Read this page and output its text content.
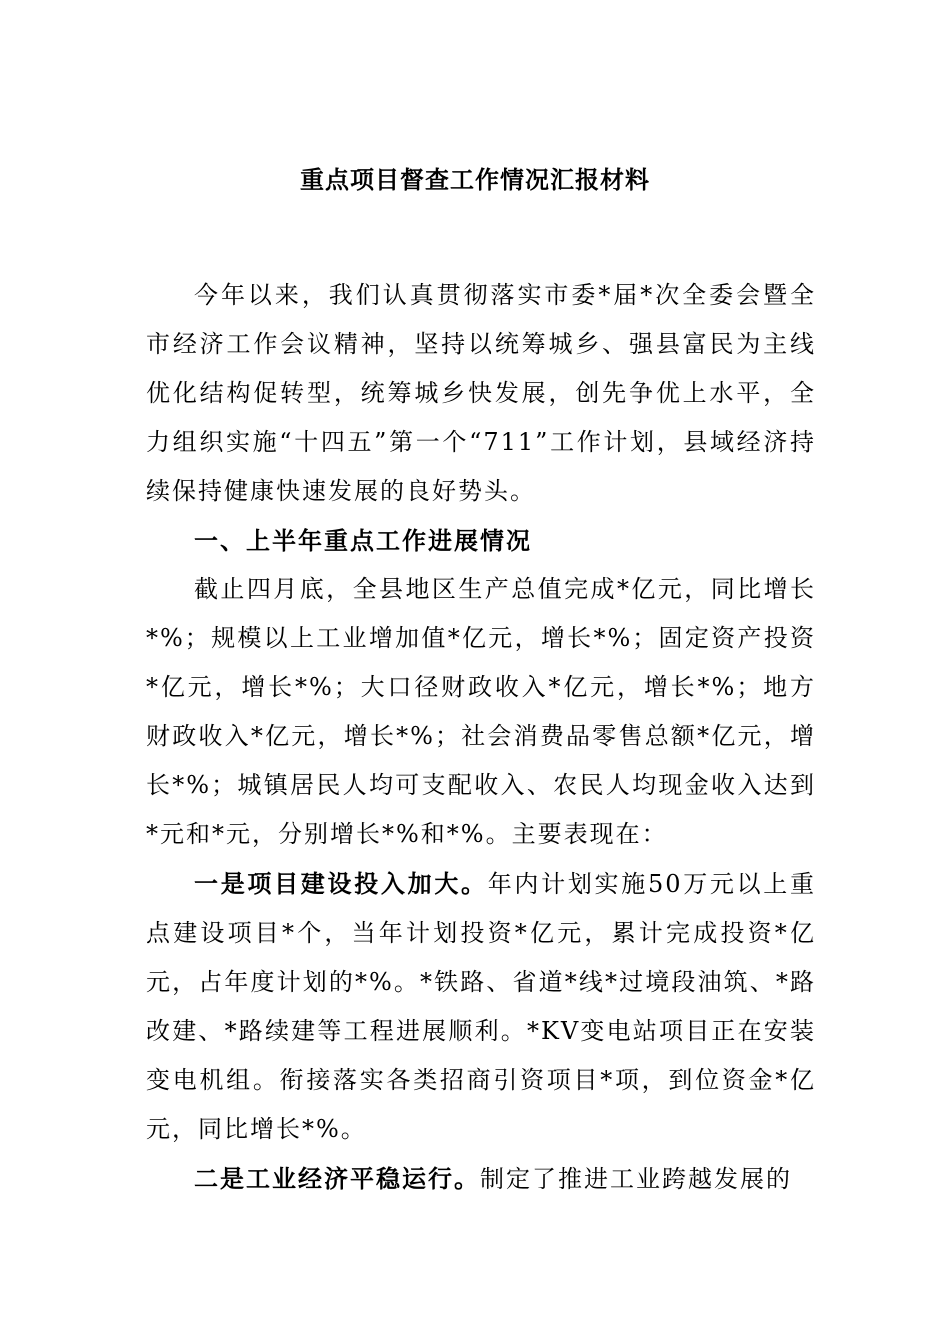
重点项目督查工作情况汇报材料

今年以来，我们认真贯彻落实市委*届*次全委会暨全市经济工作会议精神，坚持以统筹城乡、强县富民为主线优化结构促转型，统筹城乡快发展，创先争优上水平，全力组织实施“十四五”第一个“711”工作计划，县域经济持续保持健康快速发展的良好势头。

一、上半年重点工作进展情况

截止四月底，全县地区生产总值完成*亿元，同比增长*%；规模以上工业增加值*亿元，增长*%；固定资产投资*亿元，增长*%；大口径财政收入*亿元，增长*%；地方财政收入*亿元，增长*%；社会消费品零售总额*亿元，增长*%；城镇居民人均可支配收入、农民人均现金收入达到*元和*元，分别增长*%和*%。主要表现在：

一是项目建设投入加大。年内计划实施50万元以上重点建设项目*个，当年计划投资*亿元，累计完成投资*亿元，占年度计划的*%。*铁路、省道*线*过境段油筑、*路改建、*路续建等工程进展顺利。*KV变电站项目正在安装变电机组。衔接落实各类招商引资项目*项，到位资金*亿元，同比增长*%。

二是工业经济平稳运行。制定了推进工业跨越发展的
